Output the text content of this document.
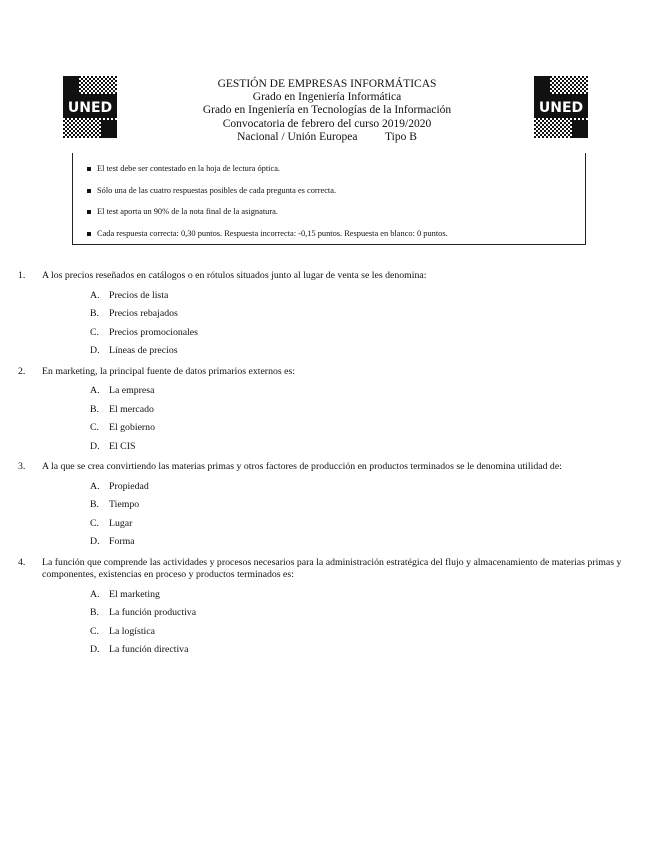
UNED	UNED
GESTIÓN DE EMPRESAS INFORMÁTICAS
Grado en Ingeniería Informática
Grado en Ingeniería en Tecnologías de la Información
Convocatoria de febrero del curso 2019/2020
Nacional / Unión Europea Tipo B
El test debe ser contestado en la hoja de lectura óptica.
Sólo una de las cuatro respuestas posibles de cada pregunta es correcta.
El test aporta un 90% de la nota final de la asignatura.
Cada respuesta correcta: 0,30 puntos. Respuesta incorrecta: -0,15 puntos. Respuesta en blanco: 0 puntos.
1.	A los precios reseñados en catálogos o en rótulos situados junto al lugar de venta se les denomina:
A. Precios de lista
B.	Precios rebajados
C.	Precios promocionales
D. Líneas de precios
2.	En marketing, la principal fuente de datos primarios externos es:
A. La empresa
B.	El mercado
C.	El gobierno
D. El CIS
3.	A la que se crea convirtiendo las materias primas y otros factores de producción en productos terminados se le denomina utilidad de:
A. Propiedad
B.	Tiempo
C.	Lugar
D. Forma
4.	La función que comprende las actividades y procesos necesarios para la administración estratégica del flujo y almacenamiento de materias primas y componentes, existencias en proceso y productos terminados es:
A. El marketing
B.	La función productiva
C.	La logística
D. La función directiva
